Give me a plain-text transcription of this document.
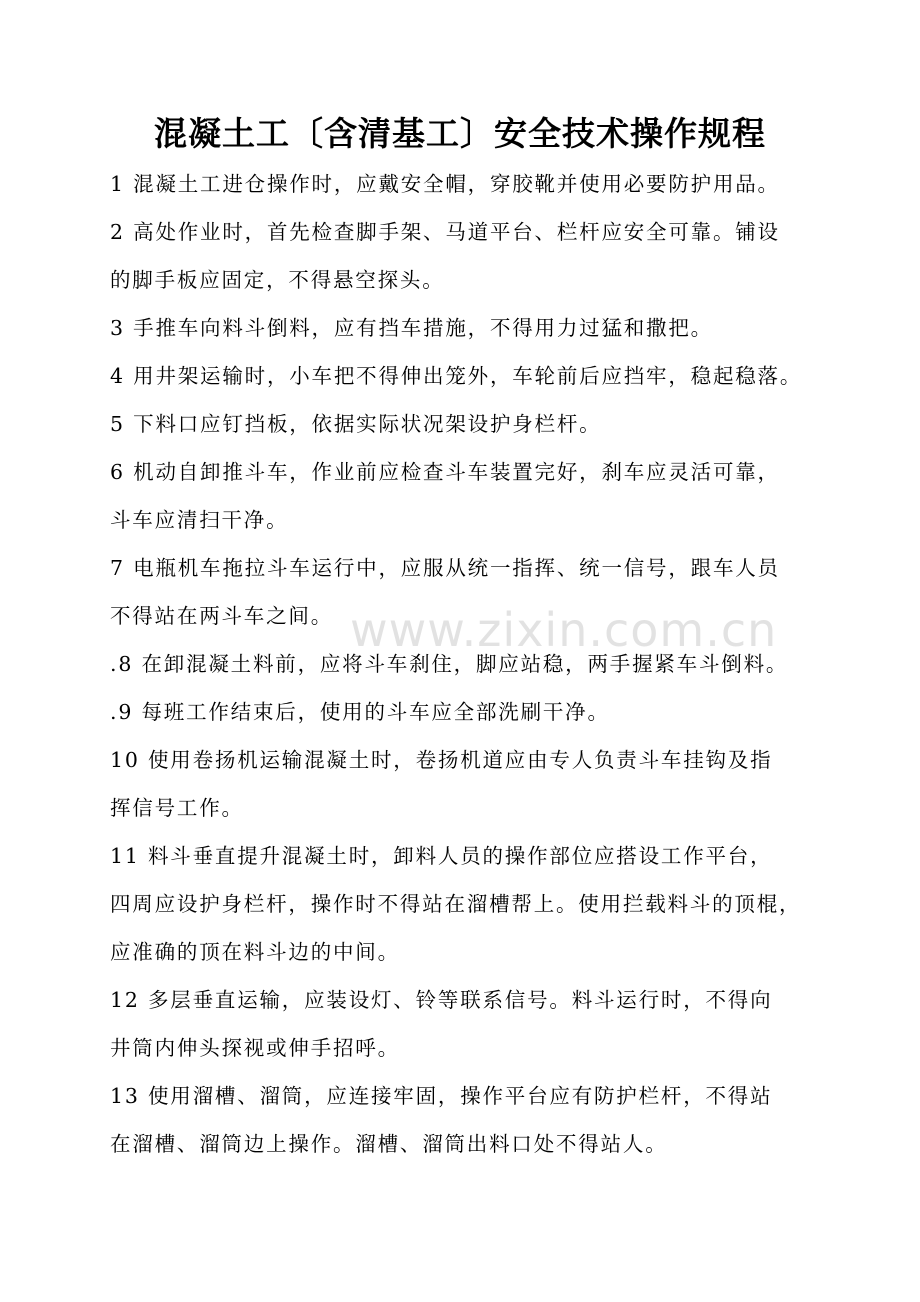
混凝土工〔含清基工〕安全技术操作规程
1 混凝土工进仓操作时，应戴安全帽，穿胶靴并使用必要防护用品。
2 高处作业时，首先检查脚手架、马道平台、栏杆应安全可靠。铺设
的脚手板应固定，不得悬空探头。
3 手推车向料斗倒料，应有挡车措施，不得用力过猛和撒把。
4 用井架运输时，小车把不得伸出笼外，车轮前后应挡牢，稳起稳落。
5 下料口应钉挡板，依据实际状况架设护身栏杆。
6 机动自卸推斗车，作业前应检查斗车装置完好，刹车应灵活可靠，
斗车应清扫干净。
7 电瓶机车拖拉斗车运行中，应服从统一指挥、统一信号，跟车人员
不得站在两斗车之间。
.8 在卸混凝土料前，应将斗车刹住，脚应站稳，两手握紧车斗倒料。
.9 每班工作结束后，使用的斗车应全部洗刷干净。
10 使用卷扬机运输混凝土时，卷扬机道应由专人负责斗车挂钩及指
挥信号工作。
11 料斗垂直提升混凝土时，卸料人员的操作部位应搭设工作平台，
四周应设护身栏杆，操作时不得站在溜槽帮上。使用拦载料斗的顶棍，
应准确的顶在料斗边的中间。
12 多层垂直运输，应装设灯、铃等联系信号。料斗运行时，不得向
井筒内伸头探视或伸手招呼。
13 使用溜槽、溜筒，应连接牢固，操作平台应有防护栏杆，不得站
在溜槽、溜筒边上操作。溜槽、溜筒出料口处不得站人。
www.zixin.com.cn
